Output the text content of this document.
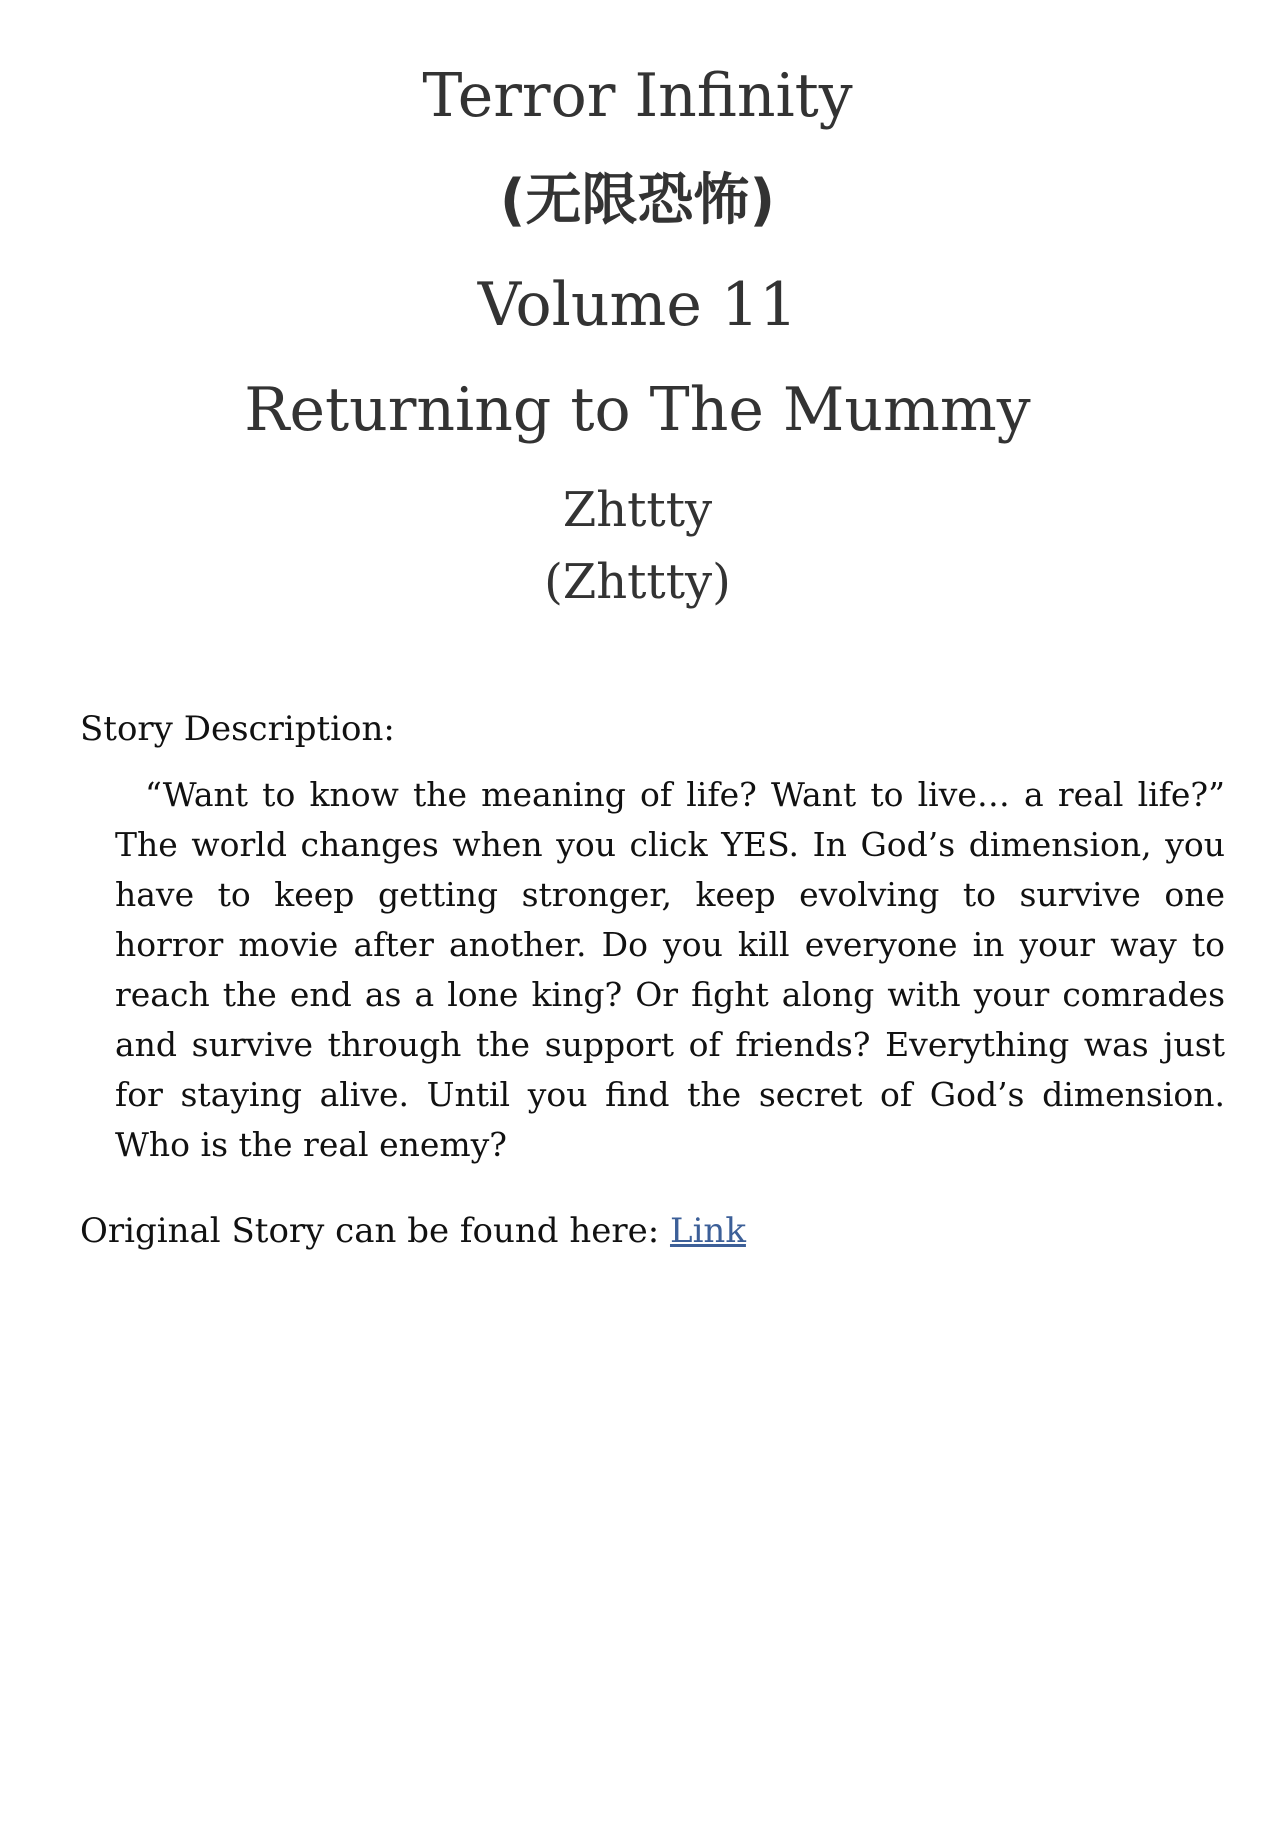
Terror Infinity
(无限恐怖)
Volume 11
Returning to The Mummy
Zhttty
(Zhttty)
Story Description:

“Want to know the meaning of life? Want to live… a real life?” The world changes when you click YES. In God’s dimension, you have to keep getting stronger, keep evolving to survive one horror movie after another. Do you kill everyone in your way to reach the end as a lone king? Or fight along with your comrades and survive through the support of friends? Everything was just for staying alive. Until you find the secret of God’s dimension. Who is the real enemy?

Original Story can be found here: Link
